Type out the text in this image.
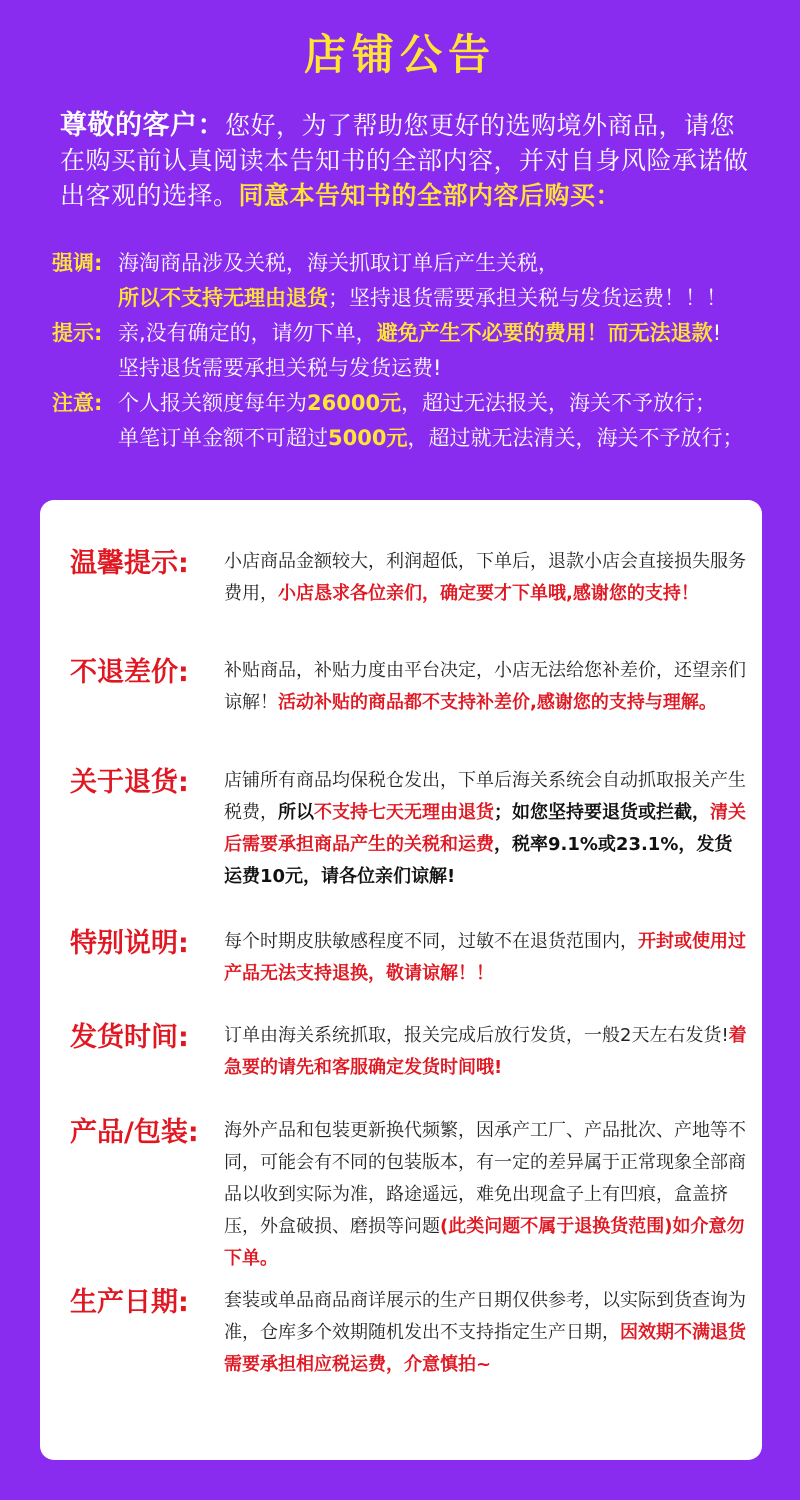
店铺公告
尊敬的客户：您好，为了帮助您更好的选购境外商品，请您在购买前认真阅读本告知书的全部内容，并对自身风险承诺做出客观的选择。同意本告知书的全部内容后购买：
强调: 海淘商品涉及关税，海关抓取订单后产生关税，
所以不支持无理由退货；坚持退货需要承担关税与发货运费！！！
提示: 亲,没有确定的，请勿下单，避免产生不必要的费用！而无法退款!
坚持退货需要承担关税与发货运费!
注意: 个人报关额度每年为26000元，超过无法报关，海关不予放行；
单笔订单金额不可超过5000元，超过就无法清关，海关不予放行；
温馨提示:	小店商品金额较大，利润超低，下单后，退款小店会直接损失服务费用，小店恳求各位亲们，确定要才下单哦,感谢您的支持！
不退差价:	补贴商品，补贴力度由平台决定，小店无法给您补差价，还望亲们谅解！活动补贴的商品都不支持补差价,感谢您的支持与理解。
关于退货:	店铺所有商品均保税仓发出，下单后海关系统会自动抓取报关产生税费，所以不支持七天无理由退货；如您坚持要退货或拦截，清关后需要承担商品产生的关税和运费，税率9.1%或23.1%，发货运费10元，请各位亲们谅解!
特别说明:	每个时期皮肤敏感程度不同，过敏不在退货范围内，开封或使用过产品无法支持退换，敬请谅解！！
发货时间:	订单由海关系统抓取，报关完成后放行发货，一般2天左右发货!着急要的请先和客服确定发货时间哦!
产品/包装:	海外产品和包装更新换代频繁，因承产工厂、产品批次、产地等不同，可能会有不同的包装版本，有一定的差异属于正常现象全部商品以收到实际为准，路途遥远，难免出现盒子上有凹痕，盒盖挤压，外盒破损、磨损等问题(此类问题不属于退换货范围)如介意勿下单。
生产日期:	套装或单品商品商详展示的生产日期仅供参考，以实际到货查询为准，仓库多个效期随机发出不支持指定生产日期，因效期不满退货需要承担相应税运费，介意慎拍~
